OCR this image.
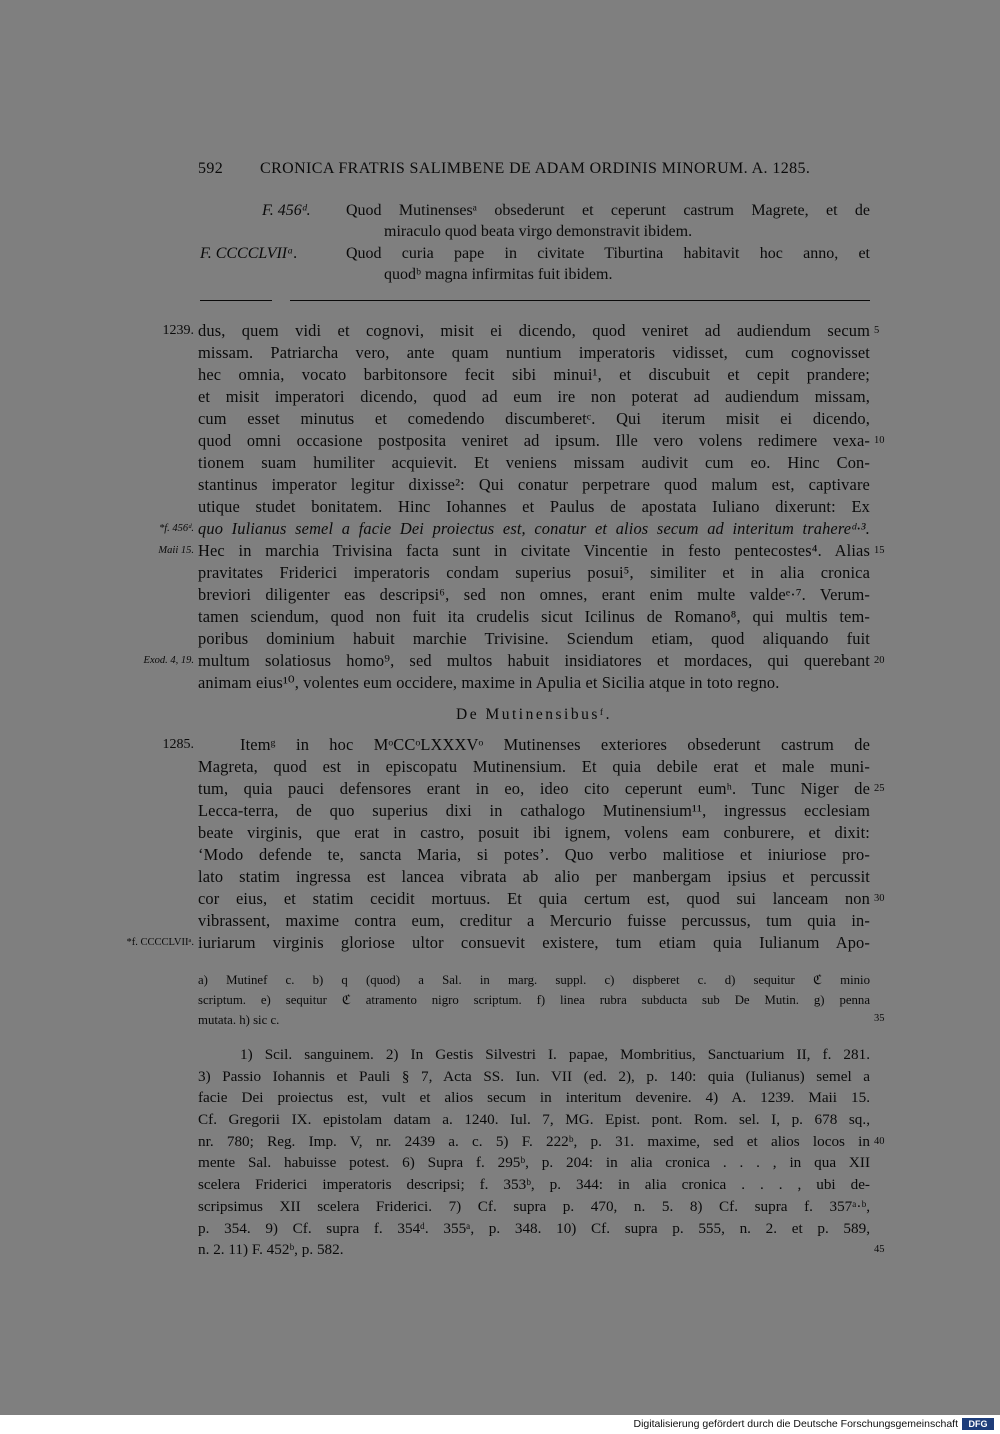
592 CRONICA FRATRIS SALIMBENE DE ADAM ORDINIS MINORUM. A. 1285.
F. 456ᵈ. Quod Mutinensesᵃ obsederunt et ceperunt castrum Magrete, et de
miraculo quod beata virgo demonstravit ibidem.
F. CCCCLVIIᵃ.	Quod curia pape in civitate Tiburtina habitavit hoc anno, et
quodᵇ magna infirmitas fuit ibidem.
1239. dus, quem vidi et cognovi, misit ei dicendo, quod veniret ad audiendum secum
missam. Patriarcha vero, ante quam nuntium imperatoris vidisset, cum cognovisset
hec omnia, vocato barbitonsore fecit sibi minui¹, et discubuit et cepit prandere;
et misit imperatori dicendo, quod ad eum ire non poterat ad audiendum missam,
cum esset minutus et comedendo discumberetᶜ. Qui iterum misit ei dicendo,
quod omni occasione postposita veniret ad ipsum. Ille vero volens redimere vexa-
tionem suam humiliter acquievit. Et veniens missam audivit cum eo. Hinc Con-
stantinus imperator legitur dixisse²: Qui conatur perpetrare quod malum est, captivare
utique studet bonitatem. Hinc Iohannes et Paulus de apostata Iuliano dixerunt: Ex
quo Iulianus semel a facie Dei proiectus est, conatur et alios secum ad interitum trahereᵈ·³.
Hec in marchia Trivisina facta sunt in civitate Vincentie in festo pentecostes⁴. Alias
pravitates Friderici imperatoris condam superius posui⁵, similiter et in alia cronica
breviori diligenter eas descripsi⁶, sed non omnes, erant enim multe valdeᵉ·⁷. Verum-
tamen sciendum, quod non fuit ita crudelis sicut Icilinus de Romano⁸, qui multis tem-
poribus dominium habuit marchie Trivisine. Sciendum etiam, quod aliquando fuit
multum solatiosus homo⁹, sed multos habuit insidiatores et mordaces, qui querebant
animam eius¹⁰, volentes eum occidere, maxime in Apulia et Sicilia atque in toto regno.
*f. 456ᵈ.
Maii 15.
Exod. 4, 19.
5
10
15
20
De Mutinensibusᶠ.
1285.	Itemᵍ in hoc MᵒCCᵒLXXXVᵒ Mutinenses exteriores obsederunt castrum de
Magreta, quod est in episcopatu Mutinensium. Et quia debile erat et male muni-
tum, quia pauci defensores erant in eo, ideo cito ceperunt eumʰ. Tunc Niger de
Lecca-terra, de quo superius dixi in cathalogo Mutinensium¹¹, ingressus ecclesiam
beate virginis, que erat in castro, posuit ibi ignem, volens eam conburere, et dixit:
‘Modo defende te, sancta Maria, si potes’. Quo verbo malitiose et iniuriose pro-
lato statim ingressa est lancea vibrata ab alio per manbergam ipsius et percussit
cor eius, et statim cecidit mortuus. Et quia certum est, quod sui lanceam non
vibrassent, maxime contra eum, creditur a Mercurio fuisse percussus, tum quia in-
iuriarum virginis gloriose ultor consuevit existere, tum etiam quia Iulianum Apo-
*f. CCCCLVIIᵃ.
25
30
a) Mutinef c. b) q (quod) a Sal. in marg. suppl. c) dispberet c. d) sequitur ℭ minio
scriptum. e) sequitur ℭ atramento nigro scriptum. f) linea rubra subducta sub De Mutin. g) penna
mutata. h) sic c.	35
1) Scil. sanguinem. 2) In Gestis Silvestri I. papae, Mombritius, Sanctuarium II, f. 281.
3) Passio Iohannis et Pauli § 7, Acta SS. Iun. VII (ed. 2), p. 140: quia (Iulianus) semel a
facie Dei proiectus est, vult et alios secum in interitum devenire. 4) A. 1239. Maii 15.
Cf. Gregorii IX. epistolam datam a. 1240. Iul. 7, MG. Epist. pont. Rom. sel. I, p. 678 sq.,
nr. 780; Reg. Imp. V, nr. 2439 a. c. 5) F. 222ᵇ, p. 31. maxime, sed et alios locos in
mente Sal. habuisse potest. 6) Supra f. 295ᵇ, p. 204: in alia cronica . . . , in qua XII
scelera Friderici imperatoris descripsi; f. 353ᵇ, p. 344: in alia cronica . . . , ubi de-
scripsimus XII scelera Friderici. 7) Cf. supra p. 470, n. 5. 8) Cf. supra f. 357ᵃ·ᵇ,
p. 354. 9) Cf. supra f. 354ᵈ. 355ᵃ, p. 348. 10) Cf. supra p. 555, n. 2. et p. 589,
n. 2. 11) F. 452ᵇ, p. 582.
40
45
Digitalisierung gefördert durch die Deutsche Forschungsgemeinschaft	DFG
